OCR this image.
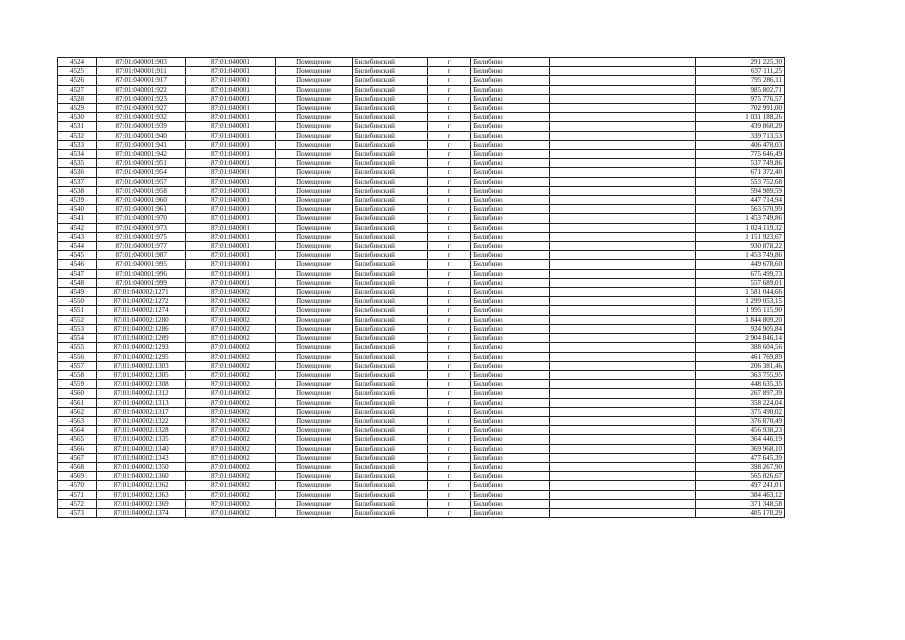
4524	87:01:040001:903	87:01:040001	Помещение	Билибинский	г	Билибино		291 225,30
4525	87:01:040001:911	87:01:040001	Помещение	Билибинский	г	Билибино		637 111,25
4526	87:01:040001:917	87:01:040001	Помещение	Билибинский	г	Билибино		795 286,11
4527	87:01:040001:922	87:01:040001	Помещение	Билибинский	г	Билибино		985 802,71
4528	87:01:040001:923	87:01:040001	Помещение	Билибинский	г	Билибино		975 776,57
4529	87:01:040001:927	87:01:040001	Помещение	Билибинский	г	Билибино		702 991,00
4530	87:01:040001:932	87:01:040001	Помещение	Билибинский	г	Билибино		1 031 188,26
4531	87:01:040001:939	87:01:040001	Помещение	Билибинский	г	Билибино		439 860,29
4532	87:01:040001:940	87:01:040001	Помещение	Билибинский	г	Билибино		339 713,53
4533	87:01:040001:941	87:01:040001	Помещение	Билибинский	г	Билибино		406 478,03
4534	87:01:040001:942	87:01:040001	Помещение	Билибинский	г	Билибино		775 646,49
4535	87:01:040001:951	87:01:040001	Помещение	Билибинский	г	Билибино		537 749,86
4536	87:01:040001:954	87:01:040001	Помещение	Билибинский	г	Билибино		671 372,40
4537	87:01:040001:957	87:01:040001	Помещение	Билибинский	г	Билибино		553 752,68
4538	87:01:040001:958	87:01:040001	Помещение	Билибинский	г	Билибино		594 989,59
4539	87:01:040001:960	87:01:040001	Помещение	Билибинский	г	Билибино		447 714,94
4540	87:01:040001:961	87:01:040001	Помещение	Билибинский	г	Билибино		563 570,99
4541	87:01:040001:970	87:01:040001	Помещение	Билибинский	г	Билибино		1 453 749,86
4542	87:01:040001:973	87:01:040001	Помещение	Билибинский	г	Билибино		1 024 119,32
4543	87:01:040001:975	87:01:040001	Помещение	Билибинский	г	Билибино		1 151 923,67
4544	87:01:040001:977	87:01:040001	Помещение	Билибинский	г	Билибино		930 878,22
4545	87:01:040001:987	87:01:040001	Помещение	Билибинский	г	Билибино		1 453 749,86
4546	87:01:040001:995	87:01:040001	Помещение	Билибинский	г	Билибино		449 678,60
4547	87:01:040001:996	87:01:040001	Помещение	Билибинский	г	Билибино		675 499,73
4548	87:01:040001:999	87:01:040001	Помещение	Билибинский	г	Билибино		557 689,01
4549	87:01:040002:1271	87:01:040002	Помещение	Билибинский	г	Билибино		1 581 044,66
4550	87:01:040002:1272	87:01:040002	Помещение	Билибинский	г	Билибино		1 299 053,15
4551	87:01:040002:1274	87:01:040002	Помещение	Билибинский	г	Билибино		1 995 115,90
4552	87:01:040002:1280	87:01:040002	Помещение	Билибинский	г	Билибино		1 844 809,20
4553	87:01:040002:1286	87:01:040002	Помещение	Билибинский	г	Билибино		924 905,84
4554	87:01:040002:1289	87:01:040002	Помещение	Билибинский	г	Билибино		2 904 846,14
4555	87:01:040002:1293	87:01:040002	Помещение	Билибинский	г	Билибино		388 604,56
4556	87:01:040002:1295	87:01:040002	Помещение	Билибинский	г	Билибино		461 769,89
4557	87:01:040002:1303	87:01:040002	Помещение	Билибинский	г	Билибино		206 381,46
4558	87:01:040002:1305	87:01:040002	Помещение	Билибинский	г	Билибино		363 755,95
4559	87:01:040002:1308	87:01:040002	Помещение	Билибинский	г	Билибино		448 635,35
4560	87:01:040002:1312	87:01:040002	Помещение	Билибинский	г	Билибино		267 897,39
4561	87:01:040002:1313	87:01:040002	Помещение	Билибинский	г	Билибино		358 224,04
4562	87:01:040002:1317	87:01:040002	Помещение	Билибинский	г	Билибино		375 490,02
4563	87:01:040002:1322	87:01:040002	Помещение	Билибинский	г	Билибино		376 870,49
4564	87:01:040002:1328	87:01:040002	Помещение	Билибинский	г	Билибино		456 938,23
4565	87:01:040002:1335	87:01:040002	Помещение	Билибинский	г	Билибино		364 446,19
4566	87:01:040002:1340	87:01:040002	Помещение	Билибинский	г	Билибино		369 968,10
4567	87:01:040002:1343	87:01:040002	Помещение	Билибинский	г	Билибино		477 645,39
4568	87:01:040002:1350	87:01:040002	Помещение	Билибинский	г	Билибино		398 267,90
4569	87:01:040002:1360	87:01:040002	Помещение	Билибинский	г	Билибино		565 826,67
4570	87:01:040002:1362	87:01:040002	Помещение	Билибинский	г	Билибино		497 241,01
4571	87:01:040002:1363	87:01:040002	Помещение	Билибинский	г	Билибино		384 463,12
4572	87:01:040002:1369	87:01:040002	Помещение	Билибинский	г	Билибино		371 348,58
4573	87:01:040002:1374	87:01:040002	Помещение	Билибинский	г	Билибино		405 170,29
